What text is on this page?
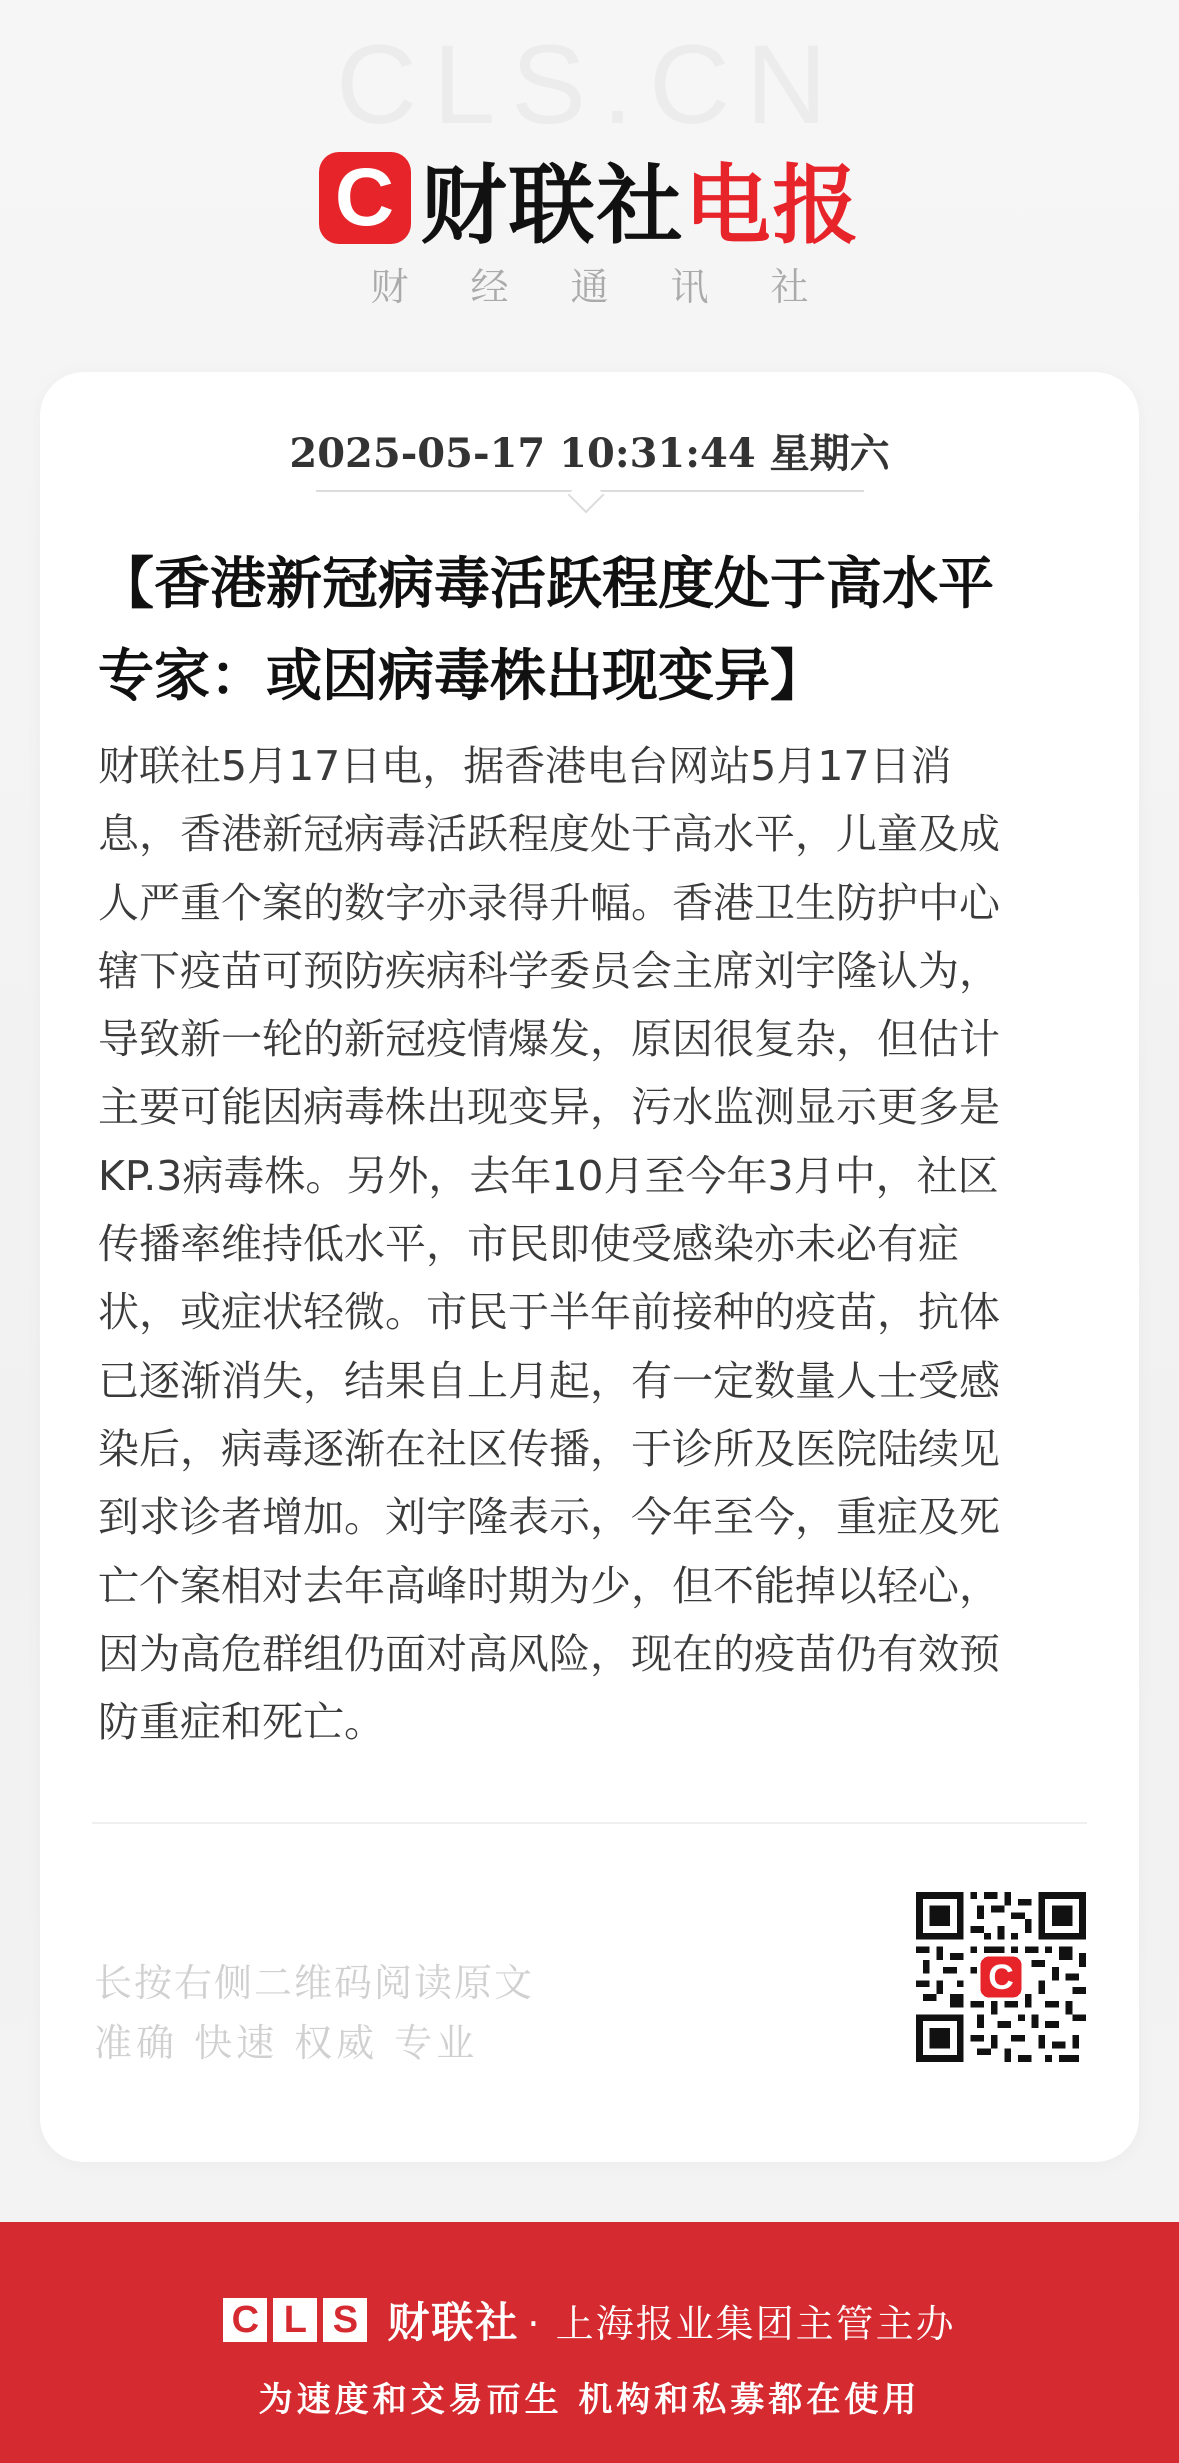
CLS.CN
C 财联社 电报
财经通讯社
2025-05-17 10:31:44 星期六
【香港新冠病毒活跃程度处于高水平
专家：或因病毒株出现变异】
财联社5月17日电，据香港电台网站5月17日消
息，香港新冠病毒活跃程度处于高水平，儿童及成
人严重个案的数字亦录得升幅。香港卫生防护中心
辖下疫苗可预防疾病科学委员会主席刘宇隆认为，
导致新一轮的新冠疫情爆发，原因很复杂，但估计
主要可能因病毒株出现变异，污水监测显示更多是
KP.3病毒株。另外，去年10月至今年3月中，社区
传播率维持低水平，市民即使受感染亦未必有症
状，或症状轻微。市民于半年前接种的疫苗，抗体
已逐渐消失，结果自上月起，有一定数量人士受感
染后，病毒逐渐在社区传播，于诊所及医院陆续见
到求诊者增加。刘宇隆表示，今年至今，重症及死
亡个案相对去年高峰时期为少，但不能掉以轻心，
因为高危群组仍面对高风险，现在的疫苗仍有效预
防重症和死亡。
长按右侧二维码阅读原文
准确 快速 权威 专业
C
C L S 财联社 · 上海报业集团主管主办
为速度和交易而生 机构和私募都在使用
